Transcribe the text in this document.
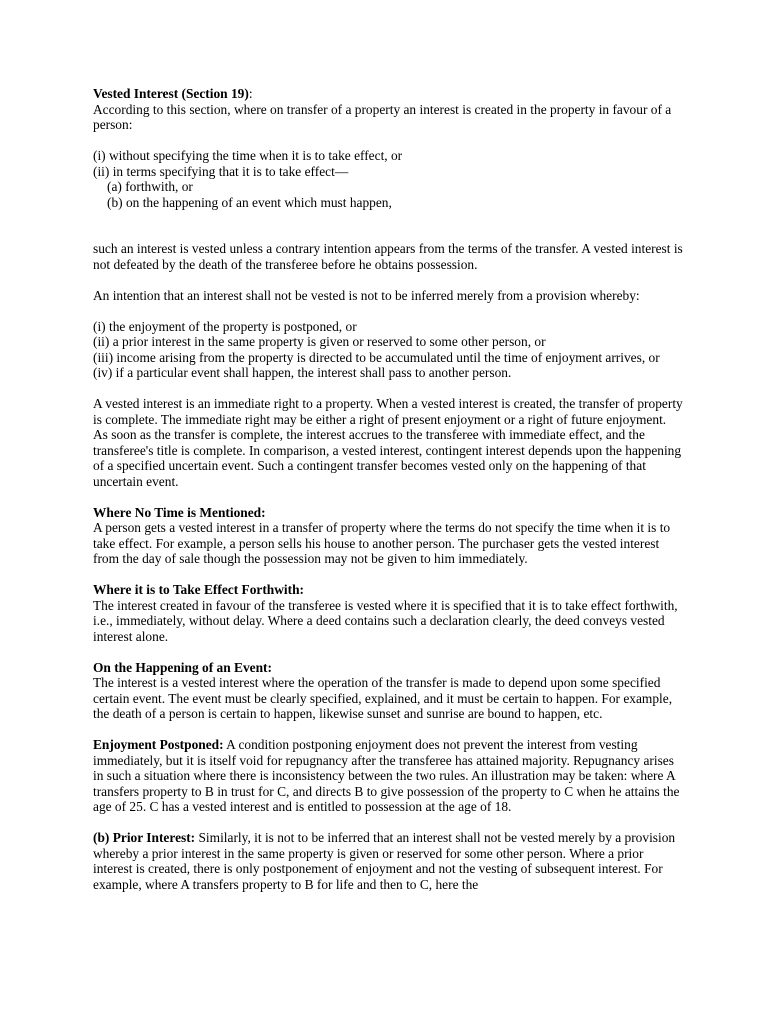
Vested Interest (Section 19):

According to this section, where on transfer of a property an interest is created in the property in favour of a person:

(i) without specifying the time when it is to take effect, or

(ii) in terms specifying that it is to take effect—

(a) forthwith, or

(b) on the happening of an event which must happen,

such an interest is vested unless a contrary intention appears from the terms of the transfer. A vested interest is not defeated by the death of the transferee before he obtains possession.

An intention that an interest shall not be vested is not to be inferred merely from a provision whereby:

(i) the enjoyment of the property is postponed, or

(ii) a prior interest in the same property is given or reserved to some other person, or

(iii) income arising from the property is directed to be accumulated until the time of enjoyment arrives, or

(iv) if a particular event shall happen, the interest shall pass to another person.

A vested interest is an immediate right to a property. When a vested interest is created, the transfer of property is complete. The immediate right may be either a right of present enjoyment or a right of future enjoyment. As soon as the transfer is complete, the interest accrues to the transferee with immediate effect, and the transferee's title is complete. In comparison, a vested interest, contingent interest depends upon the happening of a specified uncertain event. Such a contingent transfer becomes vested only on the happening of that uncertain event.

Where No Time is Mentioned:

A person gets a vested interest in a transfer of property where the terms do not specify the time when it is to take effect. For example, a person sells his house to another person. The purchaser gets the vested interest from the day of sale though the possession may not be given to him immediately.

Where it is to Take Effect Forthwith:

The interest created in favour of the transferee is vested where it is specified that it is to take effect forthwith, i.e., immediately, without delay. Where a deed contains such a declaration clearly, the deed conveys vested interest alone.

On the Happening of an Event:

The interest is a vested interest where the operation of the transfer is made to depend upon some specified certain event. The event must be clearly specified, explained, and it must be certain to happen. For example, the death of a person is certain to happen, likewise sunset and sunrise are bound to happen, etc.

Enjoyment Postponed: A condition postponing enjoyment does not prevent the interest from vesting immediately, but it is itself void for repugnancy after the transferee has attained majority. Repugnancy arises in such a situation where there is inconsistency between the two rules. An illustration may be taken: where A transfers property to B in trust for C, and directs B to give possession of the property to C when he attains the age of 25. C has a vested interest and is entitled to possession at the age of 18.

(b) Prior Interest: Similarly, it is not to be inferred that an interest shall not be vested merely by a provision whereby a prior interest in the same property is given or reserved for some other person. Where a prior interest is created, there is only postponement of enjoyment and not the vesting of subsequent interest. For example, where A transfers property to B for life and then to C, here the
